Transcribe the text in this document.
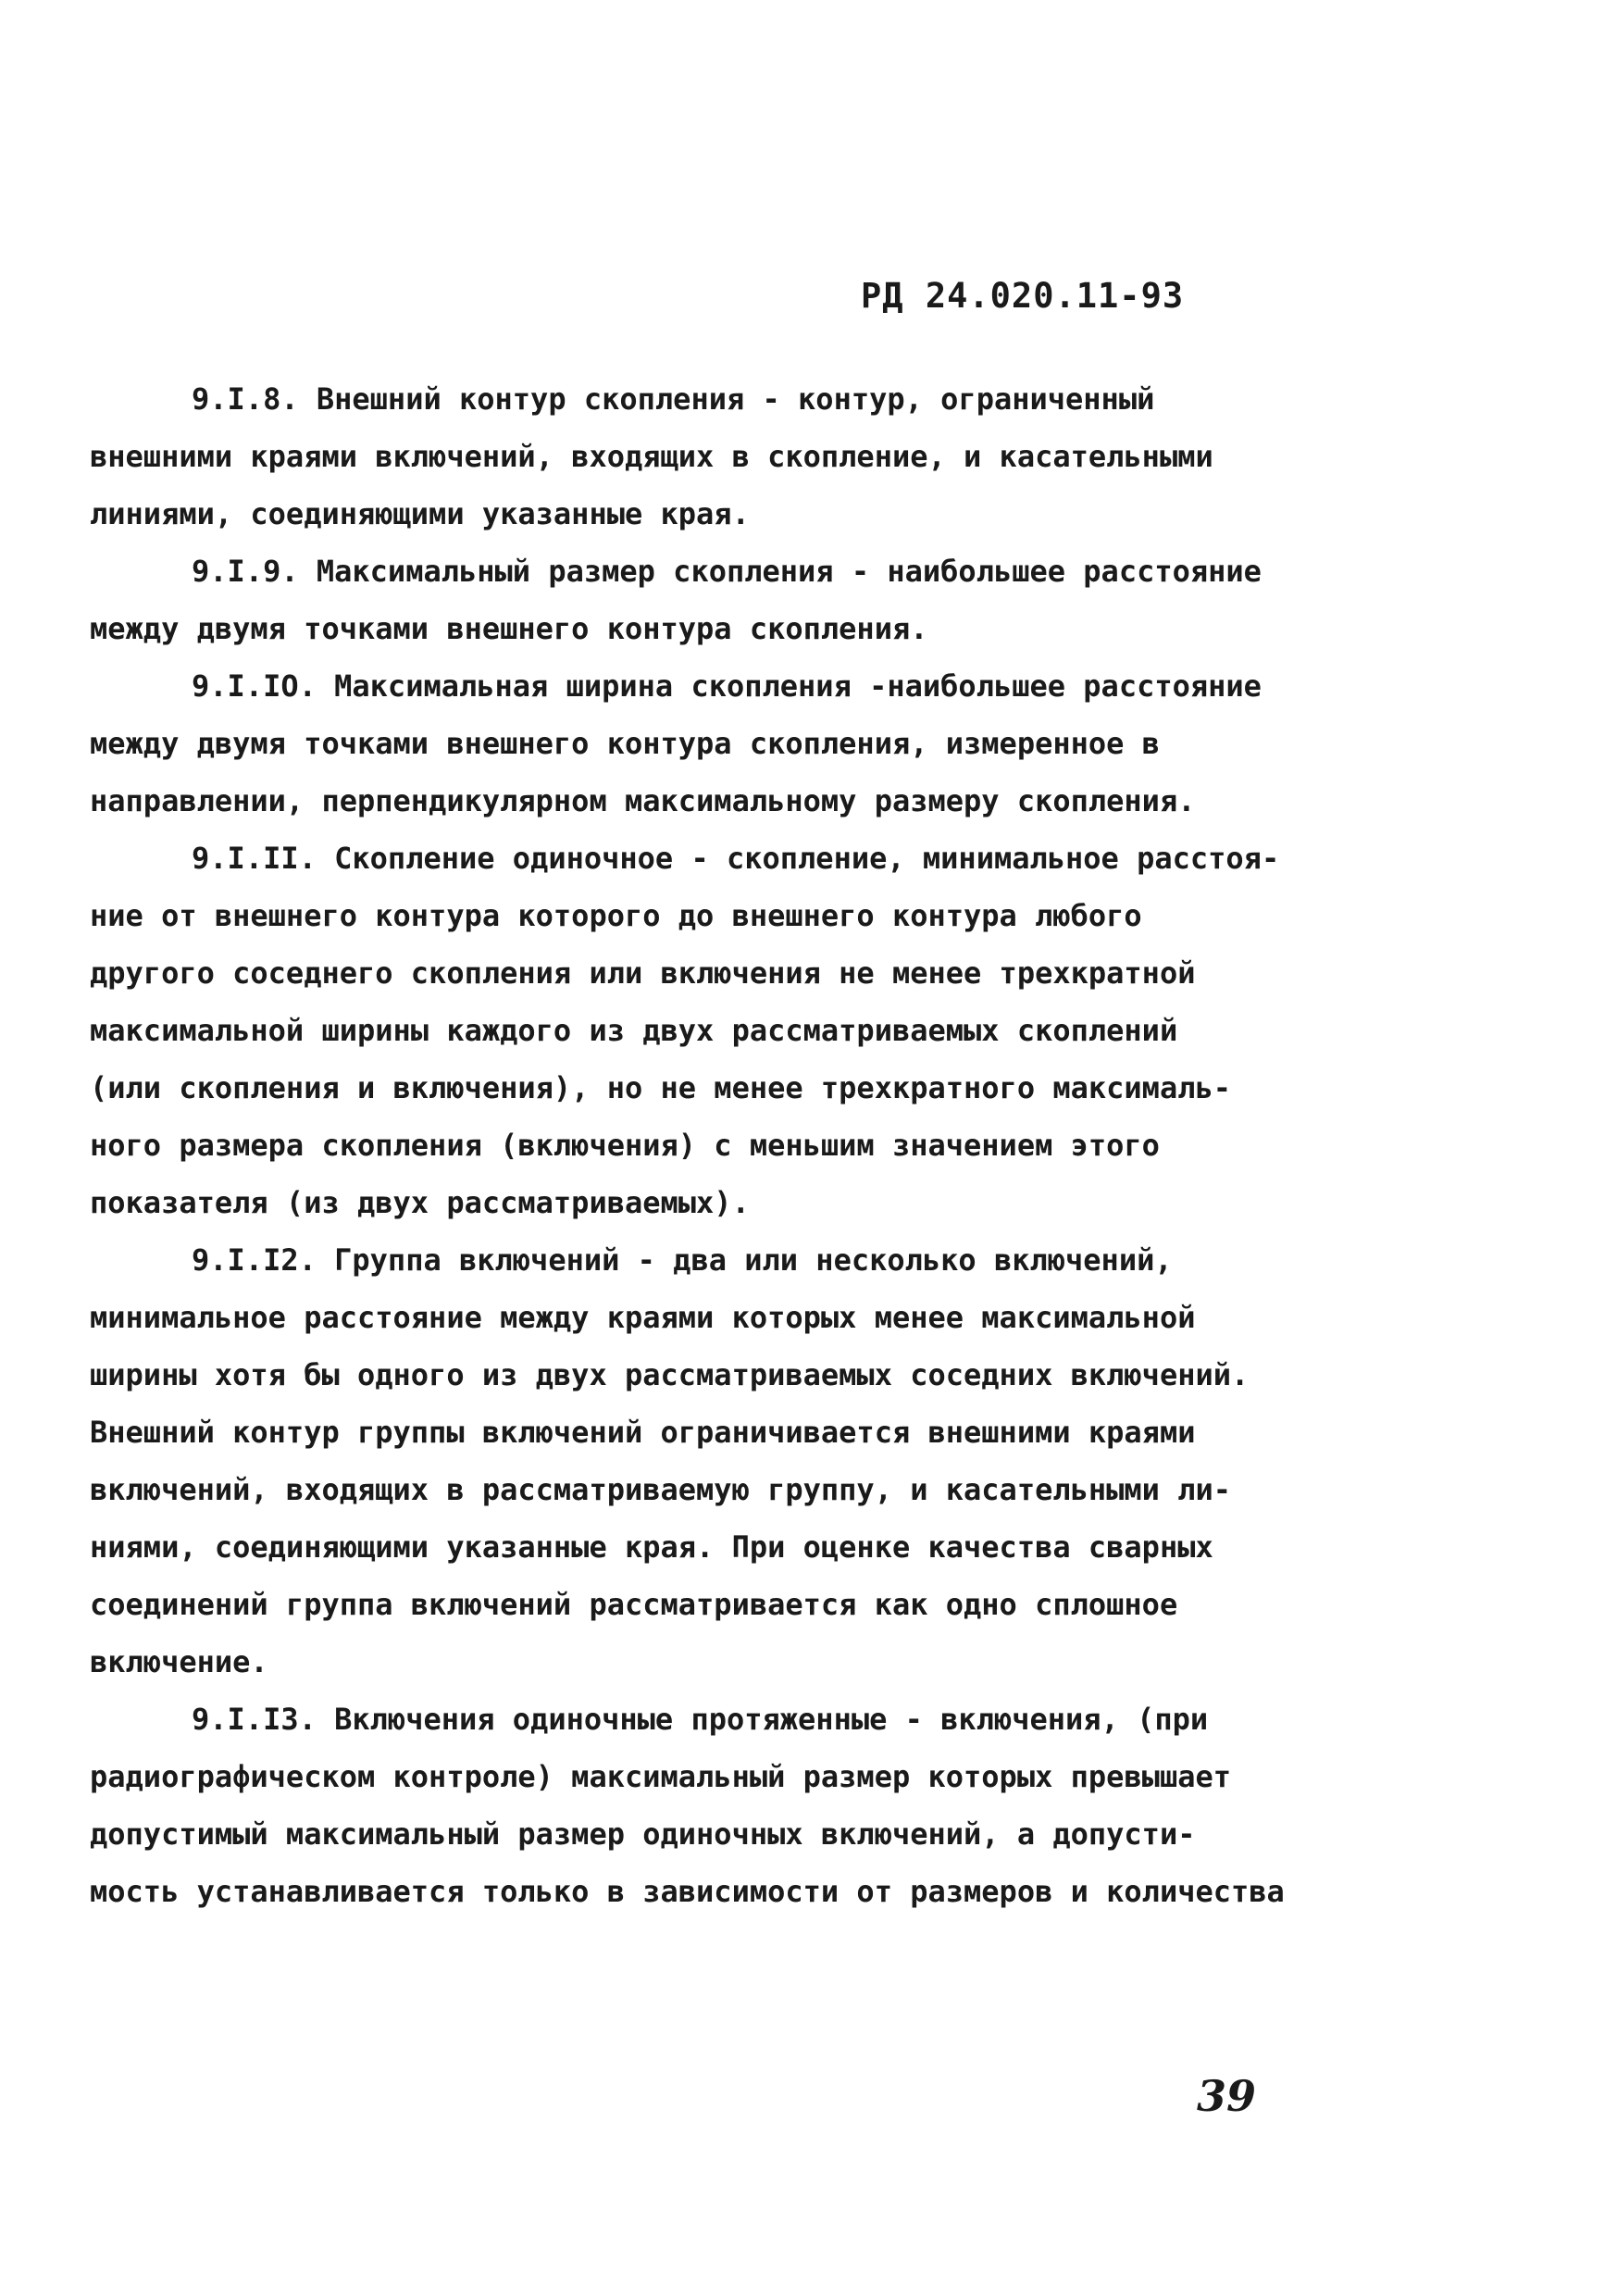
РД 24.020.11-93
9.I.8. Внешний контур скопления - контур, ограниченный
внешними краями включений, входящих в скопление, и касательными
линиями, соединяющими указанные края.
9.I.9. Максимальный размер скопления - наибольшее расстояние
между двумя точками внешнего контура скопления.
9.I.IO. Максимальная ширина скопления -наибольшее расстояние
между двумя точками внешнего контура скопления, измеренное в
направлении, перпендикулярном максимальному размеру скопления.
9.I.II. Скопление одиночное - скопление, минимальное расстоя-
ние от внешнего контура которого до внешнего контура любого
другого соседнего скопления или включения не менее трехкратной
максимальной ширины каждого из двух рассматриваемых скоплений
(или скопления и включения), но не менее трехкратного максималь-
ного размера скопления (включения) с меньшим значением этого
показателя (из двух рассматриваемых).
9.I.I2. Группа включений - два или несколько включений,
минимальное расстояние между краями которых менее максимальной
ширины хотя бы одного из двух рассматриваемых соседних включений.
Внешний контур группы включений ограничивается внешними краями
включений, входящих в рассматриваемую группу, и касательными ли-
ниями, соединяющими указанные края. При оценке качества сварных
соединений группа включений рассматривается как одно сплошное
включение.
9.I.I3. Включения одиночные протяженные - включения, (при
радиографическом контроле) максимальный размер которых превышает
допустимый максимальный размер одиночных включений, а допусти-
мость устанавливается только в зависимости от размеров и количества
39
